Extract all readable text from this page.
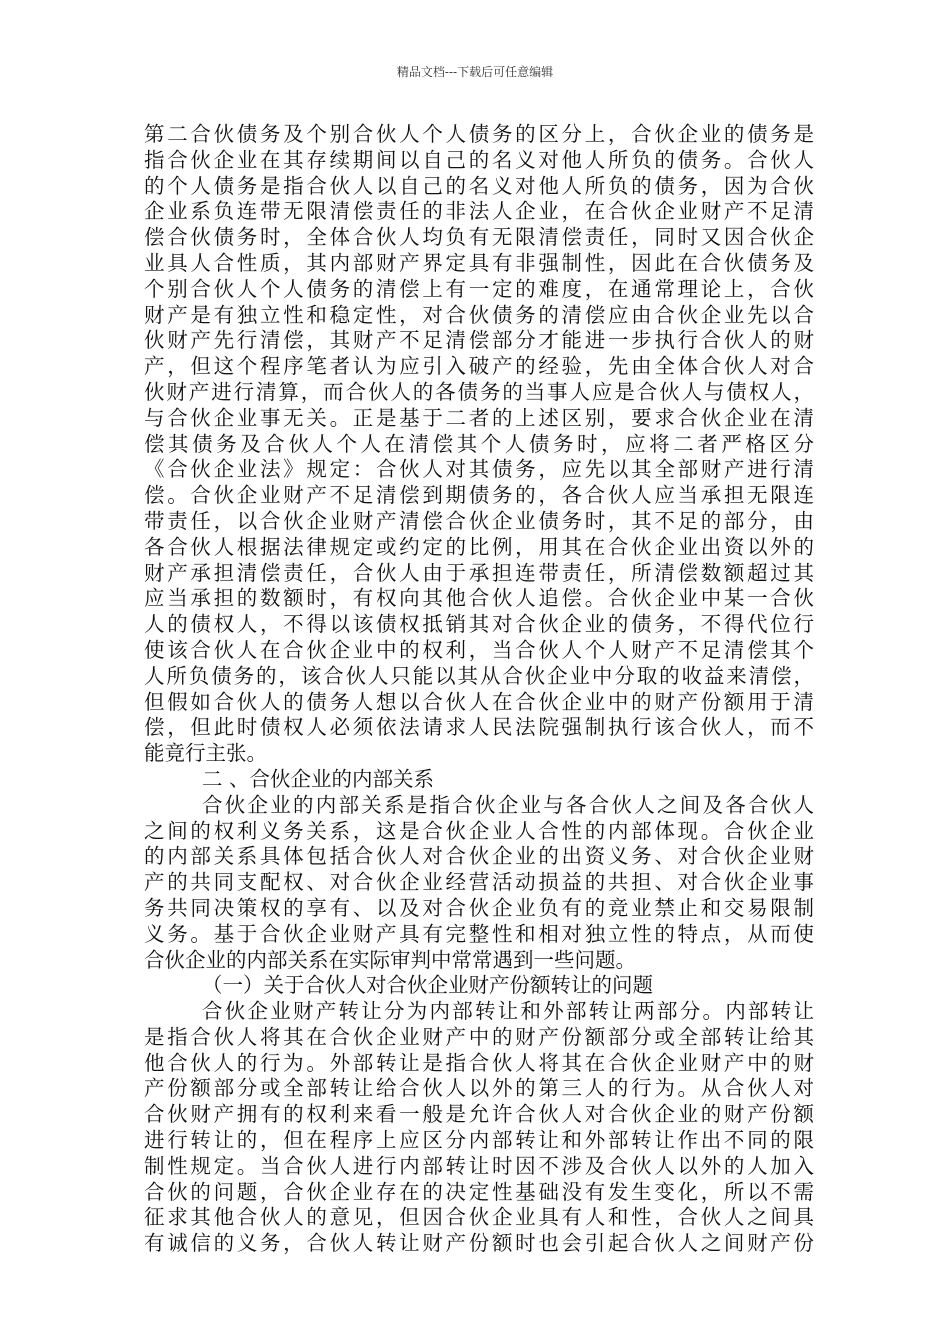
精品文档---下载后可任意编辑
第二合伙债务及个别合伙人个人债务的区分上，合伙企业的债务是
指合伙企业在其存续期间以自己的名义对他人所负的债务。合伙人
的个人债务是指合伙人以自己的名义对他人所负的债务，因为合伙
企业系负连带无限清偿责任的非法人企业，在合伙企业财产不足清
偿合伙债务时，全体合伙人均负有无限清偿责任，同时又因合伙企
业具人合性质，其内部财产界定具有非强制性，因此在合伙债务及
个别合伙人个人债务的清偿上有一定的难度，在通常理论上，合伙
财产是有独立性和稳定性，对合伙债务的清偿应由合伙企业先以合
伙财产先行清偿，其财产不足清偿部分才能进一步执行合伙人的财
产，但这个程序笔者认为应引入破产的经验，先由全体合伙人对合
伙财产进行清算，而合伙人的各债务的当事人应是合伙人与债权人，
与合伙企业事无关。正是基于二者的上述区别，要求合伙企业在清
偿其债务及合伙人个人在清偿其个人债务时，应将二者严格区分
《合伙企业法》规定：合伙人对其债务，应先以其全部财产进行清
偿。合伙企业财产不足清偿到期债务的，各合伙人应当承担无限连
带责任，以合伙企业财产清偿合伙企业债务时，其不足的部分，由
各合伙人根据法律规定或约定的比例，用其在合伙企业出资以外的
财产承担清偿责任，合伙人由于承担连带责任，所清偿数额超过其
应当承担的数额时，有权向其他合伙人追偿。合伙企业中某一合伙
人的债权人，不得以该债权抵销其对合伙企业的债务，不得代位行
使该合伙人在合伙企业中的权利，当合伙人个人财产不足清偿其个
人所负债务的，该合伙人只能以其从合伙企业中分取的收益来清偿，
但假如合伙人的债务人想以合伙人在合伙企业中的财产份额用于清
偿，但此时债权人必须依法请求人民法院强制执行该合伙人，而不
能竟行主张。
二 、合伙企业的内部关系
合伙企业的内部关系是指合伙企业与各合伙人之间及各合伙人
之间的权利义务关系，这是合伙企业人合性的内部体现。合伙企业
的内部关系具体包括合伙人对合伙企业的出资义务、对合伙企业财
产的共同支配权、对合伙企业经营活动损益的共担、对合伙企业事
务共同决策权的享有、以及对合伙企业负有的竞业禁止和交易限制
义务。基于合伙企业财产具有完整性和相对独立性的特点，从而使
合伙企业的内部关系在实际审判中常常遇到一些问题。
（一）关于合伙人对合伙企业财产份额转让的问题
合伙企业财产转让分为内部转让和外部转让两部分。内部转让
是指合伙人将其在合伙企业财产中的财产份额部分或全部转让给其
他合伙人的行为。外部转让是指合伙人将其在合伙企业财产中的财
产份额部分或全部转让给合伙人以外的第三人的行为。从合伙人对
合伙财产拥有的权利来看一般是允许合伙人对合伙企业的财产份额
进行转让的，但在程序上应区分内部转让和外部转让作出不同的限
制性规定。当合伙人进行内部转让时因不涉及合伙人以外的人加入
合伙的问题，合伙企业存在的决定性基础没有发生变化，所以不需
征求其他合伙人的意见，但因合伙企业具有人和性，合伙人之间具
有诚信的义务，合伙人转让财产份额时也会引起合伙人之间财产份
